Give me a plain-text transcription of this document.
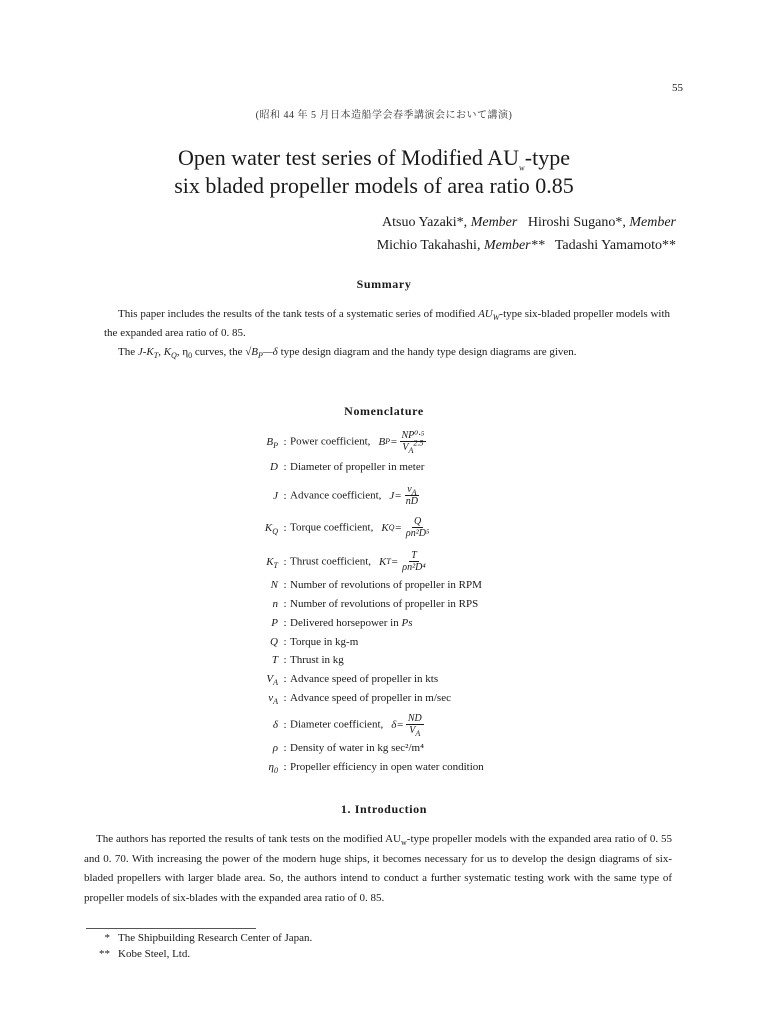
55
(昭和 44 年 5 月日本造船学会春季講演会において講演)
Open water test series of Modified $AU_w$-type
six bladed propeller models of area ratio 0.85
Atsuo Yazaki*, Member Hiroshi Sugano*, Member
Michio Takahashi, Member** Tadashi Yamamoto**
Summary

This paper includes the results of the tank tests of a systematic series of modified $AU_W$-type six-bladed propeller models with the expanded area ratio of 0. 85.

The $J-K_T$, $K_Q$, $\eta_0$ curves, the $√B_P—\delta$ type design diagram and the handy type design diagrams are given.

Nomenclature
$B_P$ : Power coefficient, B $P = \frac{\text{NP⁰·⁵}}{V_A^{2.5}}$
D : Diameter of propeller in meter
J : Advance coefficient, $J = \frac{v_A}{nD}$
$K_Q$ : Torque coefficient, K $Q = \frac{Q}{\text{ρn²D⁵}}$
$K_T$ : Thrust coefficient, K $T = \frac{T}{\text{ρn²D⁴}}$
N : Number of revolutions of propeller in RPM
n : Number of revolutions of propeller in RPS
P : Delivered horsepower in Ps
Q : Torque in kg-m
T : Thrust in kg
$V_A$ : Advance speed of propeller in kts
$v_A$ : Advance speed of propeller in m/sec
δ : Diameter coefficient, $\delta = \frac{ND}{V_A}$
ρ : Density of water in kg sec²/m⁴
$\eta_0$ : Propeller efficiency in open water condition
1. Introduction

The authors has reported the results of tank tests on the modified $AU_w$-type propeller models with the expanded area ratio of 0. 55 and 0. 70. With increasing the power of the modern huge ships, it becomes necessary for us to develop the design diagrams of six-bladed propellers with larger blade area. So, the authors intend to conduct a further systematic testing work with the same type of propeller models of six-blades with the expanded area ratio of 0. 85.

* The Shipbuilding Research Center of Japan.
** Kobe Steel, Ltd.
